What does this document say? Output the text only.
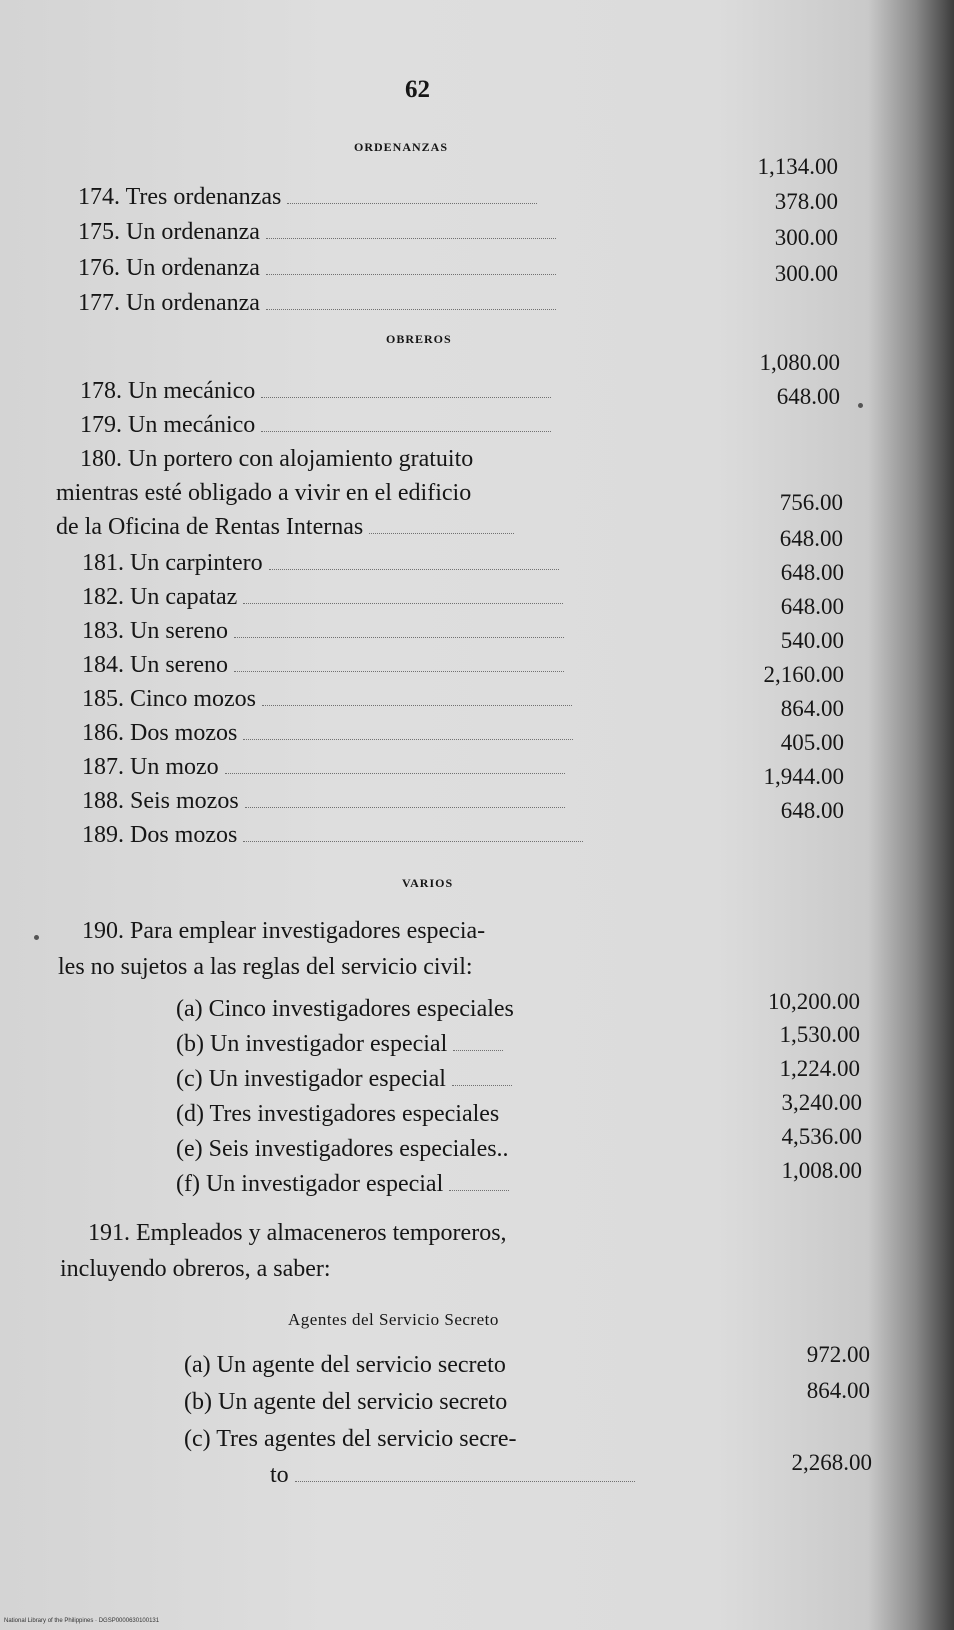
62
ORDENANZAS
OBREROS
VARIOS
Agentes del Servicio Secreto
174. Tres ordenanzas
175. Un ordenanza
176. Un ordenanza
177. Un ordenanza
178. Un mecánico
179. Un mecánico
180. Un portero con alojamiento gratuito
mientras esté obligado a vivir en el edificio
de la Oficina de Rentas Internas
181. Un carpintero
182. Un capataz
183. Un sereno
184. Un sereno
185. Cinco mozos
186. Dos mozos
187. Un mozo
188. Seis mozos
189. Dos mozos
190. Para emplear investigadores especia-
les no sujetos a las reglas del servicio civil:
(a) Cinco investigadores especiales
(b) Un investigador especial
(c) Un investigador especial
(d) Tres investigadores especiales
(e) Seis investigadores especiales..
(f) Un investigador especial
191. Empleados y almaceneros temporeros,
incluyendo obreros, a saber:
(a) Un agente del servicio secreto
(b) Un agente del servicio secreto
(c) Tres agentes del servicio secre-
to
1,134.00
378.00
300.00
300.00
1,080.00
648.00
756.00
648.00
648.00
648.00
540.00
2,160.00
864.00
405.00
1,944.00
648.00
10,200.00
1,530.00
1,224.00
3,240.00
4,536.00
1,008.00
972.00
864.00
2,268.00
National Library of the Philippines · DGSP0000630100131
